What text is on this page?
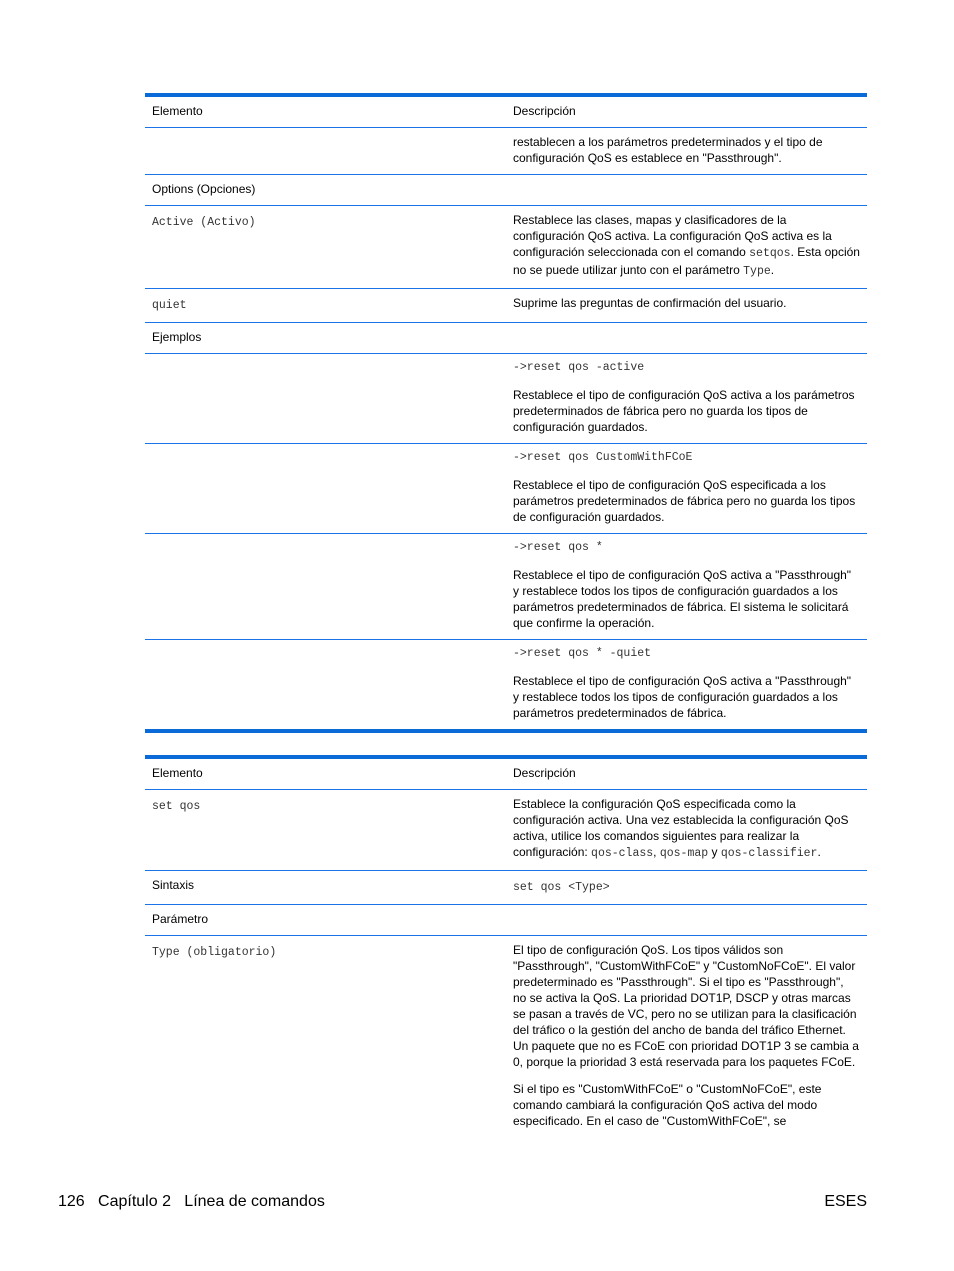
Elemento	Descripción

restablecen a los parámetros predeterminados y el tipo de configuración QoS es establece en "Passthrough".

Options (Opciones)
Active (Activo)	Restablece las clases, mapas y clasificadores de la configuración QoS activa. La configuración QoS activa es la configuración seleccionada con el comando setqos. Esta opción no se puede utilizar junto con el parámetro Type.

quiet	Suprime las preguntas de confirmación del usuario.

Ejemplos

->reset qos -active

Restablece el tipo de configuración QoS activa a los parámetros predeterminados de fábrica pero no guarda los tipos de configuración guardados.

->reset qos CustomWithFCoE

Restablece el tipo de configuración QoS especificada a los parámetros predeterminados de fábrica pero no guarda los tipos de configuración guardados.

->reset qos *

Restablece el tipo de configuración QoS activa a "Passthrough" y restablece todos los tipos de configuración guardados a los parámetros predeterminados de fábrica. El sistema le solicitará que confirme la operación.

->reset qos * -quiet

Restablece el tipo de configuración QoS activa a "Passthrough" y restablece todos los tipos de configuración guardados a los parámetros predeterminados de fábrica.

Elemento	Descripción
set qos	Establece la configuración QoS especificada como la configuración activa. Una vez establecida la configuración QoS activa, utilice los comandos siguientes para realizar la configuración: qos-class, qos-map y qos-classifier.

Sintaxis	set qos <Type>
Parámetro
Type (obligatorio)	El tipo de configuración QoS. Los tipos válidos son "Passthrough", "CustomWithFCoE" y "CustomNoFCoE". El valor predeterminado es "Passthrough". Si el tipo es "Passthrough", no se activa la QoS. La prioridad DOT1P, DSCP y otras marcas se pasan a través de VC, pero no se utilizan para la clasificación del tráfico o la gestión del ancho de banda del tráfico Ethernet. Un paquete que no es FCoE con prioridad DOT1P 3 se cambia a 0, porque la prioridad 3 está reservada para los paquetes FCoE.

Si el tipo es "CustomWithFCoE" o "CustomNoFCoE", este comando cambiará la configuración QoS activa del modo especificado. En el caso de "CustomWithFCoE", se

126   Capítulo 2   Línea de comandos	ESES
